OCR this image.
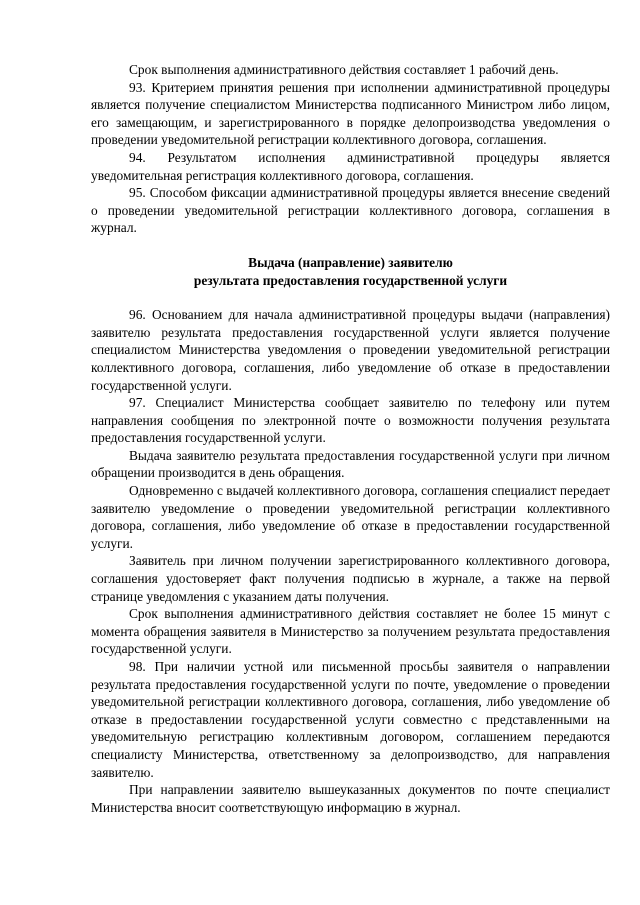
Срок выполнения административного действия составляет 1 рабочий день.

93. Критерием принятия решения при исполнении административной процедуры является получение специалистом Министерства подписанного Министром либо лицом, его замещающим, и зарегистрированного в порядке делопроизводства уведомления о проведении уведомительной регистрации коллективного договора, соглашения.

94. Результатом исполнения административной процедуры является уведомительная регистрация коллективного договора, соглашения.

95. Способом фиксации административной процедуры является внесение сведений о проведении уведомительной регистрации коллективного договора, соглашения в журнал.

Выдача (направление) заявителю
результата предоставления государственной услуги

96. Основанием для начала административной процедуры выдачи (направления) заявителю результата предоставления государственной услуги является получение специалистом Министерства уведомления о проведении уведомительной регистрации коллективного договора, соглашения, либо уведомление об отказе в предоставлении государственной услуги.

97. Специалист Министерства сообщает заявителю по телефону или путем направления сообщения по электронной почте о возможности получения результата предоставления государственной услуги.

Выдача заявителю результата предоставления государственной услуги при личном обращении производится в день обращения.

Одновременно с выдачей коллективного договора, соглашения специалист передает заявителю уведомление о проведении уведомительной регистрации коллективного договора, соглашения, либо уведомление об отказе в предоставлении государственной услуги.

Заявитель при личном получении зарегистрированного коллективного договора, соглашения удостоверяет факт получения подписью в журнале, а также на первой странице уведомления с указанием даты получения.

Срок выполнения административного действия составляет не более 15 минут с момента обращения заявителя в Министерство за получением результата предоставления государственной услуги.

98. При наличии устной или письменной просьбы заявителя о направлении результата предоставления государственной услуги по почте, уведомление о проведении уведомительной регистрации коллективного договора, соглашения, либо уведомление об отказе в предоставлении государственной услуги совместно с представленными на уведомительную регистрацию коллективным договором, соглашением передаются специалисту Министерства, ответственному за делопроизводство, для направления заявителю.

При направлении заявителю вышеуказанных документов по почте специалист Министерства вносит соответствующую информацию в журнал.
